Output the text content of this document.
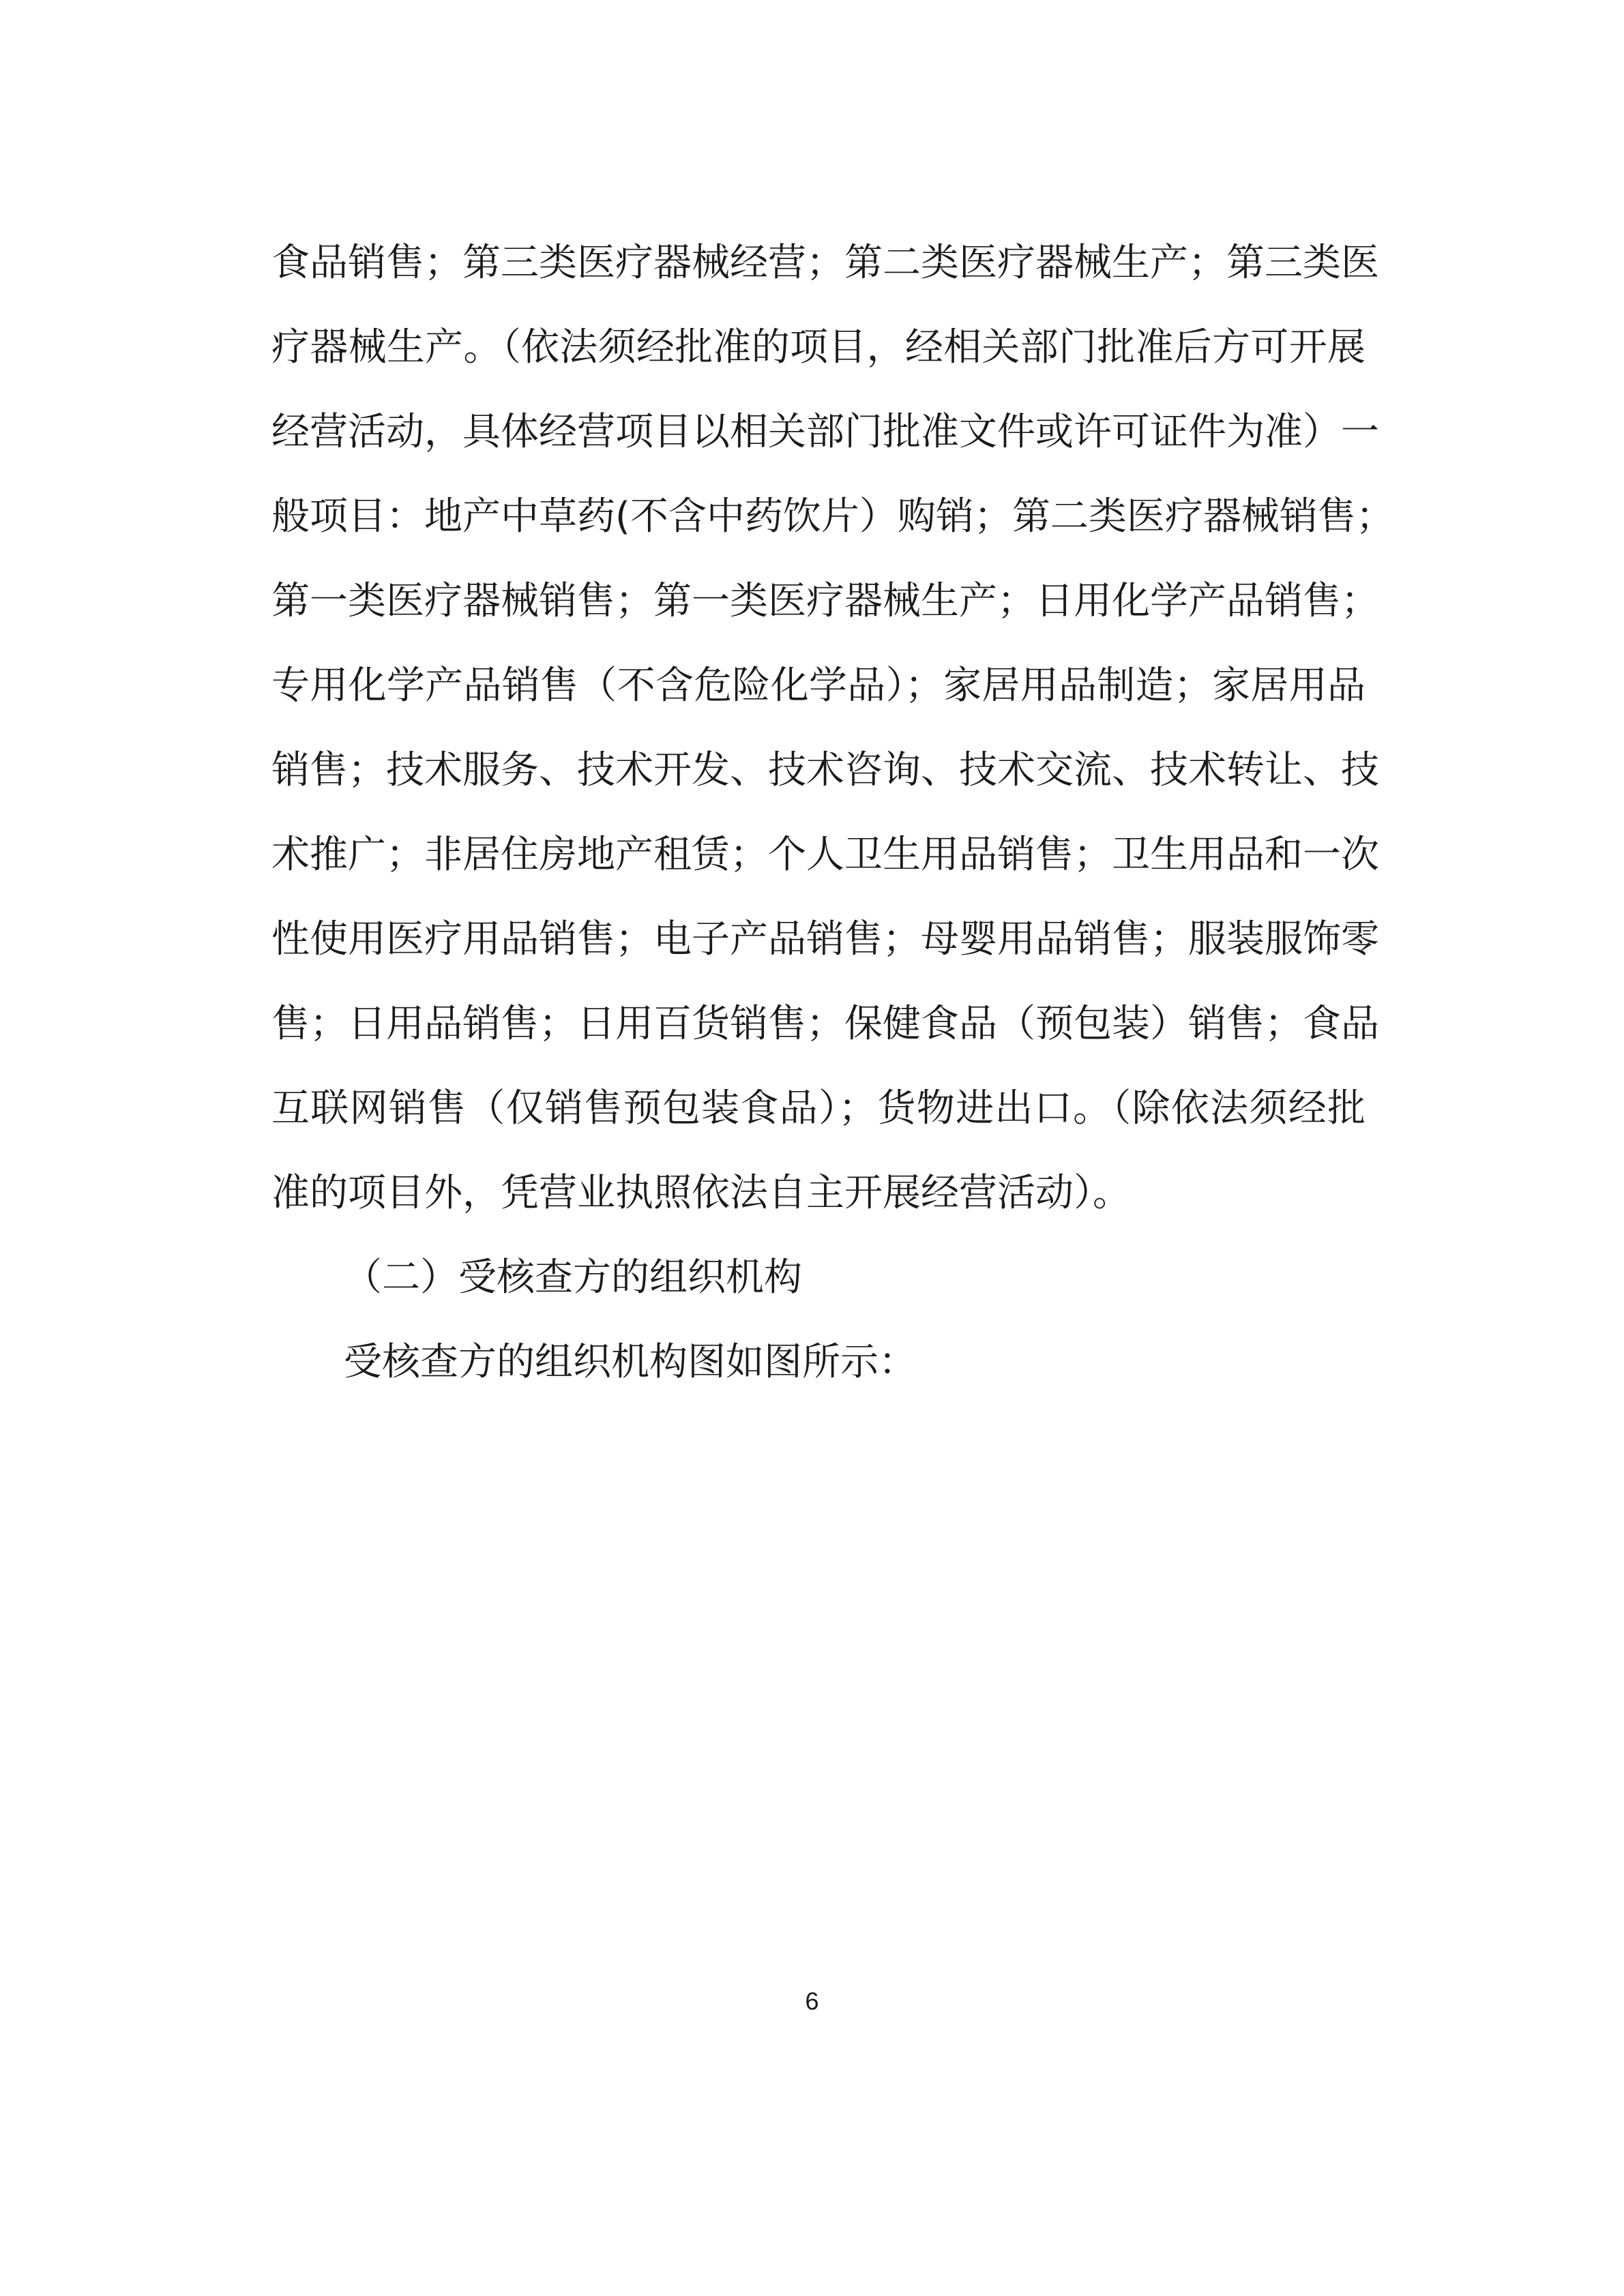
食品销售；第三类医疗器械经营；第二类医疗器械生产；第三类医
疗器械生产。（依法须经批准的项目，经相关部门批准后方可开展
经营活动，具体经营项目以相关部门批准文件或许可证件为准）一
般项目：地产中草药(不含中药饮片）购销；第二类医疗器械销售；
第一类医疗器械销售；第一类医疗器械生产；日用化学产品销售；
专用化学产品销售（不含危险化学品）；家居用品制造；家居用品
销售；技术服务、技术开发、技术咨询、技术交流、技术转让、技
术推广；非居住房地产租赁；个人卫生用品销售；卫生用品和一次
性使用医疗用品销售；电子产品销售；母婴用品销售；服装服饰零
售；日用品销售；日用百货销售；保健食品（预包装）销售；食品
互联网销售（仅销售预包装食品）；货物进出口。（除依法须经批
准的项目外，凭营业执照依法自主开展经营活动）。
（二）受核查方的组织机构
受核查方的组织机构图如图所示：
6
